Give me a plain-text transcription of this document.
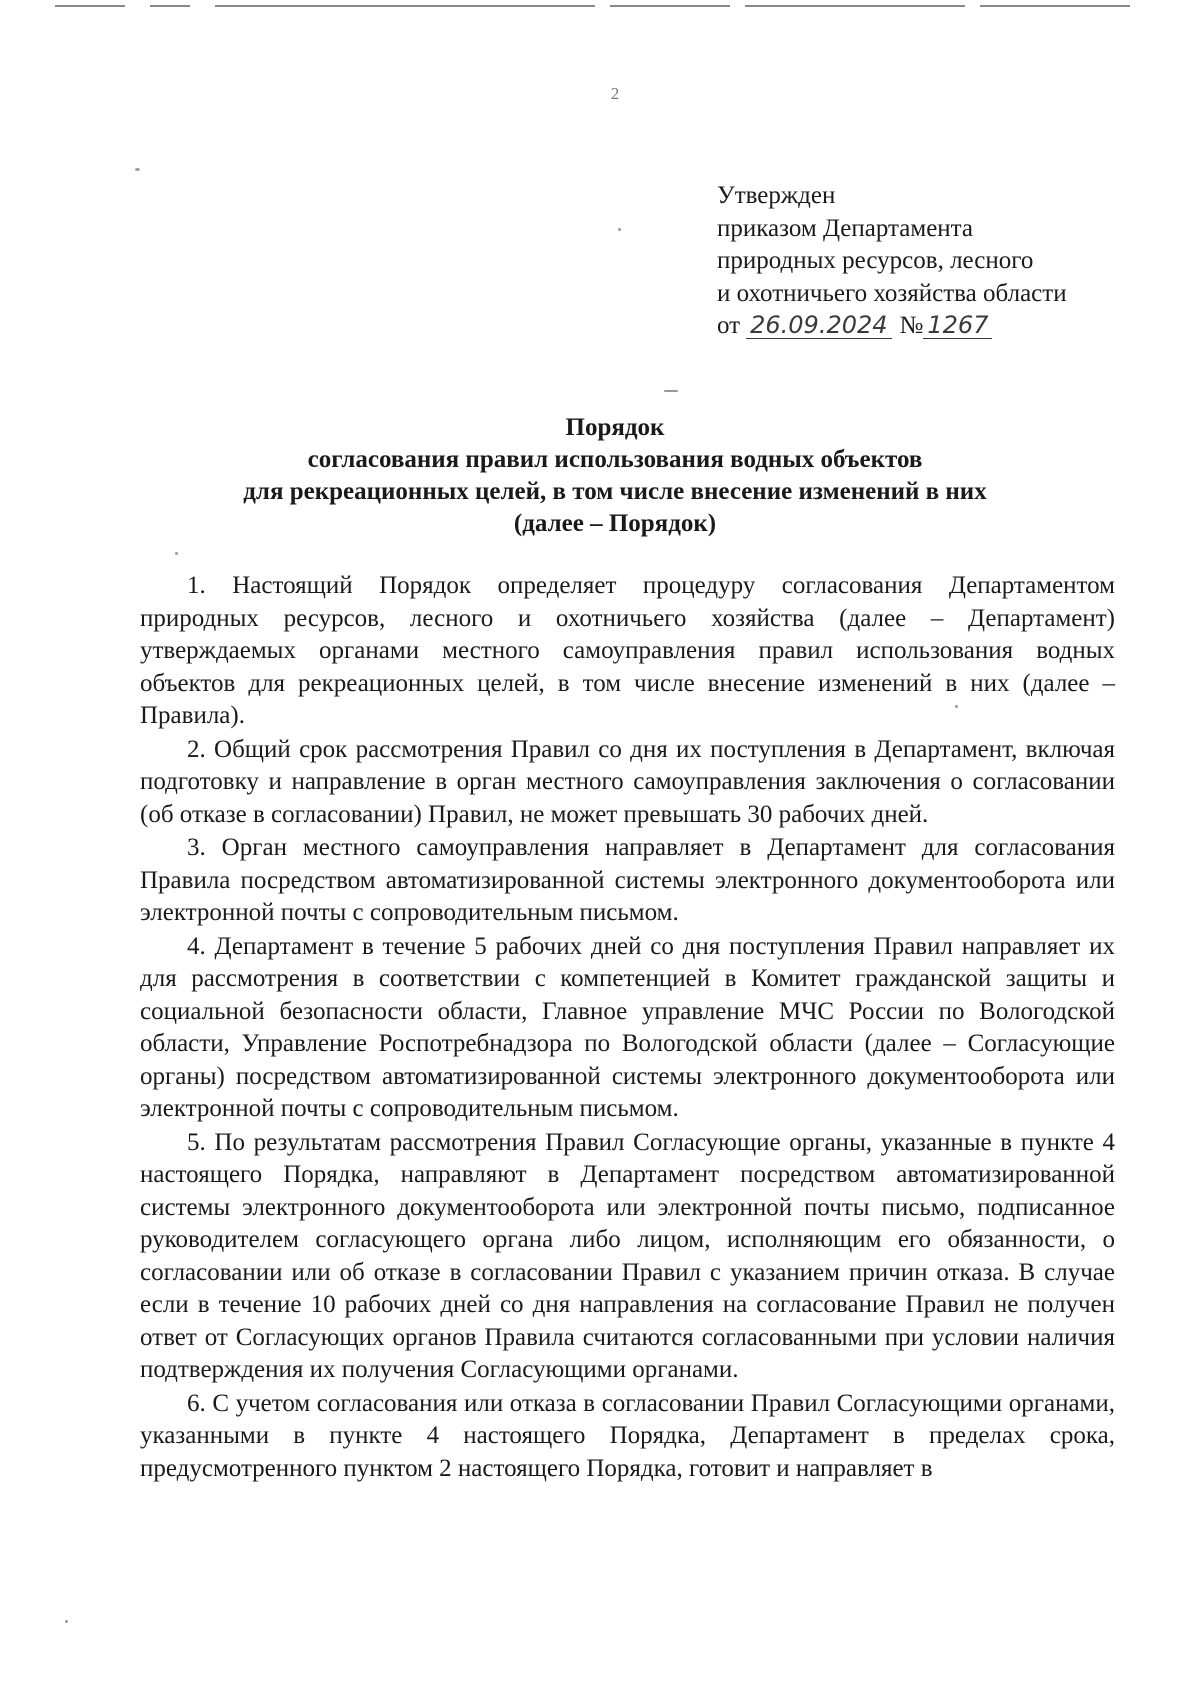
2
Утвержден
приказом Департамента
природных ресурсов, лесного
и охотничьего хозяйства области
от 26.09.2024 № 1267
Порядок
согласования правил использования водных объектов
для рекреационных целей, в том числе внесение изменений в них
(далее – Порядок)

1. Настоящий Порядок определяет процедуру согласования Департаментом природных ресурсов, лесного и охотничьего хозяйства (далее – Департамент) утверждаемых органами местного самоуправления правил использования водных объектов для рекреационных целей, в том числе внесение изменений в них (далее – Правила).

2. Общий срок рассмотрения Правил со дня их поступления в Департамент, включая подготовку и направление в орган местного самоуправления заключения о согласовании (об отказе в согласовании) Правил, не может превышать 30 рабочих дней.

3. Орган местного самоуправления направляет в Департамент для согласования Правила посредством автоматизированной системы электронного документооборота или электронной почты с сопроводительным письмом.

4. Департамент в течение 5 рабочих дней со дня поступления Правил направляет их для рассмотрения в соответствии с компетенцией в Комитет гражданской защиты и социальной безопасности области, Главное управление МЧС России по Вологодской области, Управление Роспотребнадзора по Вологодской области (далее – Согласующие органы) посредством автоматизированной системы электронного документооборота или электронной почты с сопроводительным письмом.

5. По результатам рассмотрения Правил Согласующие органы, указанные в пункте 4 настоящего Порядка, направляют в Департамент посредством автоматизированной системы электронного документооборота или электронной почты письмо, подписанное руководителем согласующего органа либо лицом, исполняющим его обязанности, о согласовании или об отказе в согласовании Правил с указанием причин отказа. В случае если в течение 10 рабочих дней со дня направления на согласование Правил не получен ответ от Согласующих органов Правила считаются согласованными при условии наличия подтверждения их получения Согласующими органами.

6. С учетом согласования или отказа в согласовании Правил Согласующими органами, указанными в пункте 4 настоящего Порядка, Департамент в пределах срока, предусмотренного пунктом 2 настоящего Порядка, готовит и направляет в
